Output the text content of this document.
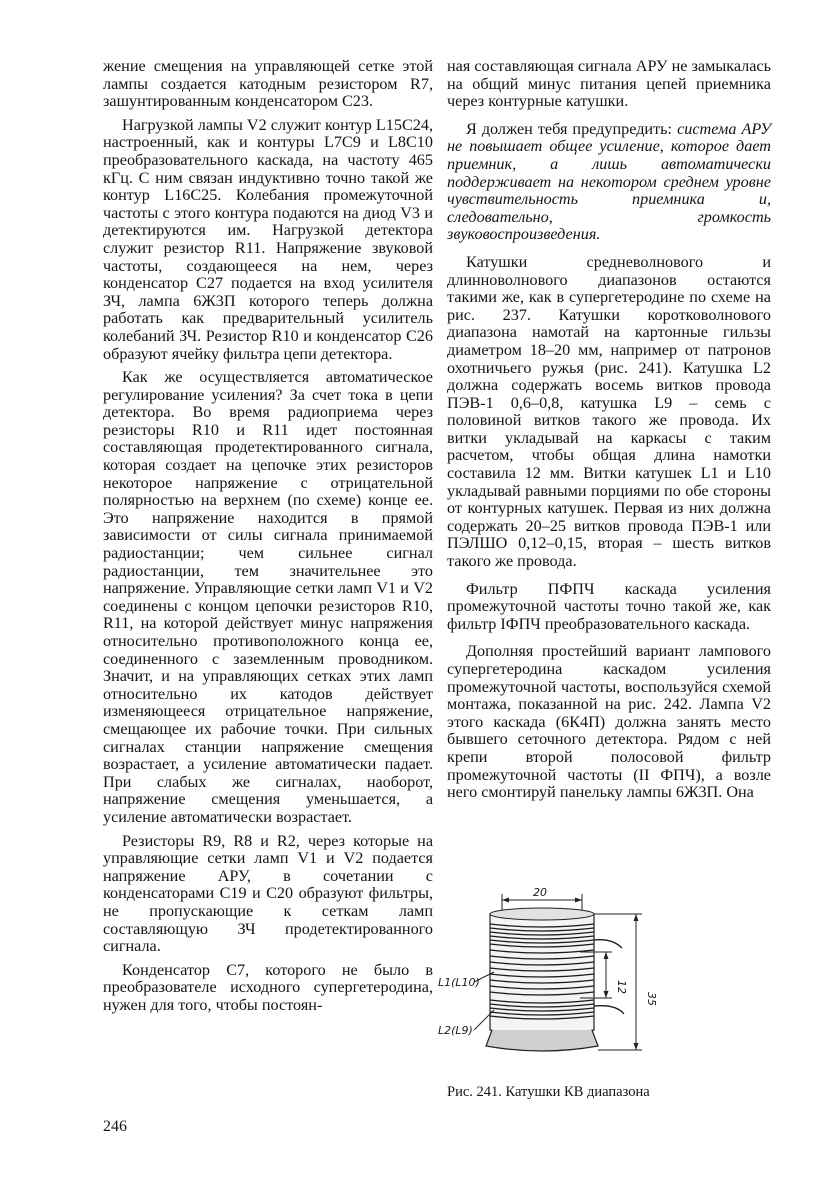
жение смещения на управляющей сетке этой лампы создается катодным резистором R7, зашунтированным конденсатором C23.

Нагрузкой лампы V2 служит контур L15C24, настроенный, как и контуры L7C9 и L8C10 преобразовательного каскада, на частоту 465 кГц. С ним связан индуктивно точно такой же контур L16C25. Колебания промежуточной частоты с этого контура подаются на диод V3 и детектируются им. Нагрузкой детектора служит резистор R11. Напряжение звуковой частоты, создающееся на нем, через конденсатор C27 подается на вход усилителя ЗЧ, лампа 6Ж3П которого теперь должна работать как предварительный усилитель колебаний ЗЧ. Резистор R10 и конденсатор C26 образуют ячейку фильтра цепи детектора.

Как же осуществляется автоматическое регулирование усиления? За счет тока в цепи детектора. Во время радиоприема через резисторы R10 и R11 идет постоянная составляющая продетектированного сигнала, которая создает на цепочке этих резисторов некоторое напряжение с отрицательной полярностью на верхнем (по схеме) конце ее. Это напряжение находится в прямой зависимости от силы сигнала принимаемой радиостанции; чем сильнее сигнал радиостанции, тем значительнее это напряжение. Управляющие сетки ламп V1 и V2 соединены с концом цепочки резисторов R10, R11, на которой действует минус напряжения относительно противоположного конца ее, соединенного с заземленным проводником. Значит, и на управляющих сетках этих ламп относительно их катодов действует изменяющееся отрицательное напряжение, смещающее их рабочие точки. При сильных сигналах станции напряжение смещения возрастает, а усиление автоматически падает. При слабых же сигналах, наоборот, напряжение смещения уменьшается, а усиление автоматически возрастает.

Резисторы R9, R8 и R2, через которые на управляющие сетки ламп V1 и V2 подается напряжение АРУ, в сочетании с конденсаторами C19 и C20 образуют фильтры, не пропускающие к сеткам ламп составляющую ЗЧ продетектированного сигнала.

Конденсатор C7, которого не было в преобразователе исходного супергетеродина, нужен для того, чтобы постоян-

ная составляющая сигнала АРУ не замыкалась на общий минус питания цепей приемника через контурные катушки.

Я должен тебя предупредить: система АРУ не повышает общее усиление, которое дает приемник, а лишь автоматически поддерживает на некотором среднем уровне чувствительность приемника и, следовательно, громкость звуковоспроизведения.

Катушки средневолнового и длинноволнового диапазонов остаются такими же, как в супергетеродине по схеме на рис. 237. Катушки коротковолнового диапазона намотай на картонные гильзы диаметром 18–20 мм, например от патронов охотничьего ружья (рис. 241). Катушка L2 должна содержать восемь витков провода ПЭВ-1 0,6–0,8, катушка L9 – семь с половиной витков такого же провода. Их витки укладывай на каркасы с таким расчетом, чтобы общая длина намотки составила 12 мм. Витки катушек L1 и L10 укладывай равными порциями по обе стороны от контурных катушек. Первая из них должна содержать 20–25 витков провода ПЭВ-1 или ПЭЛШО 0,12–0,15, вторая – шесть витков такого же провода.

Фильтр ПФПЧ каскада усиления промежуточной частоты точно такой же, как фильтр IФПЧ преобразовательного каскада.

Дополняя простейший вариант лампового супергетеродина каскадом усиления промежуточной частоты, воспользуйся схемой монтажа, показанной на рис. 242. Лампа V2 этого каскада (6К4П) должна занять место бывшего сеточного детектора. Рядом с ней крепи второй полосовой фильтр промежуточной частоты (II ФПЧ), а возле него смонтируй панельку лампы 6Ж3П. Она

20
L1(L10)
L2(L9)
12
35
Рис. 241. Катушки КВ диапазона
246
